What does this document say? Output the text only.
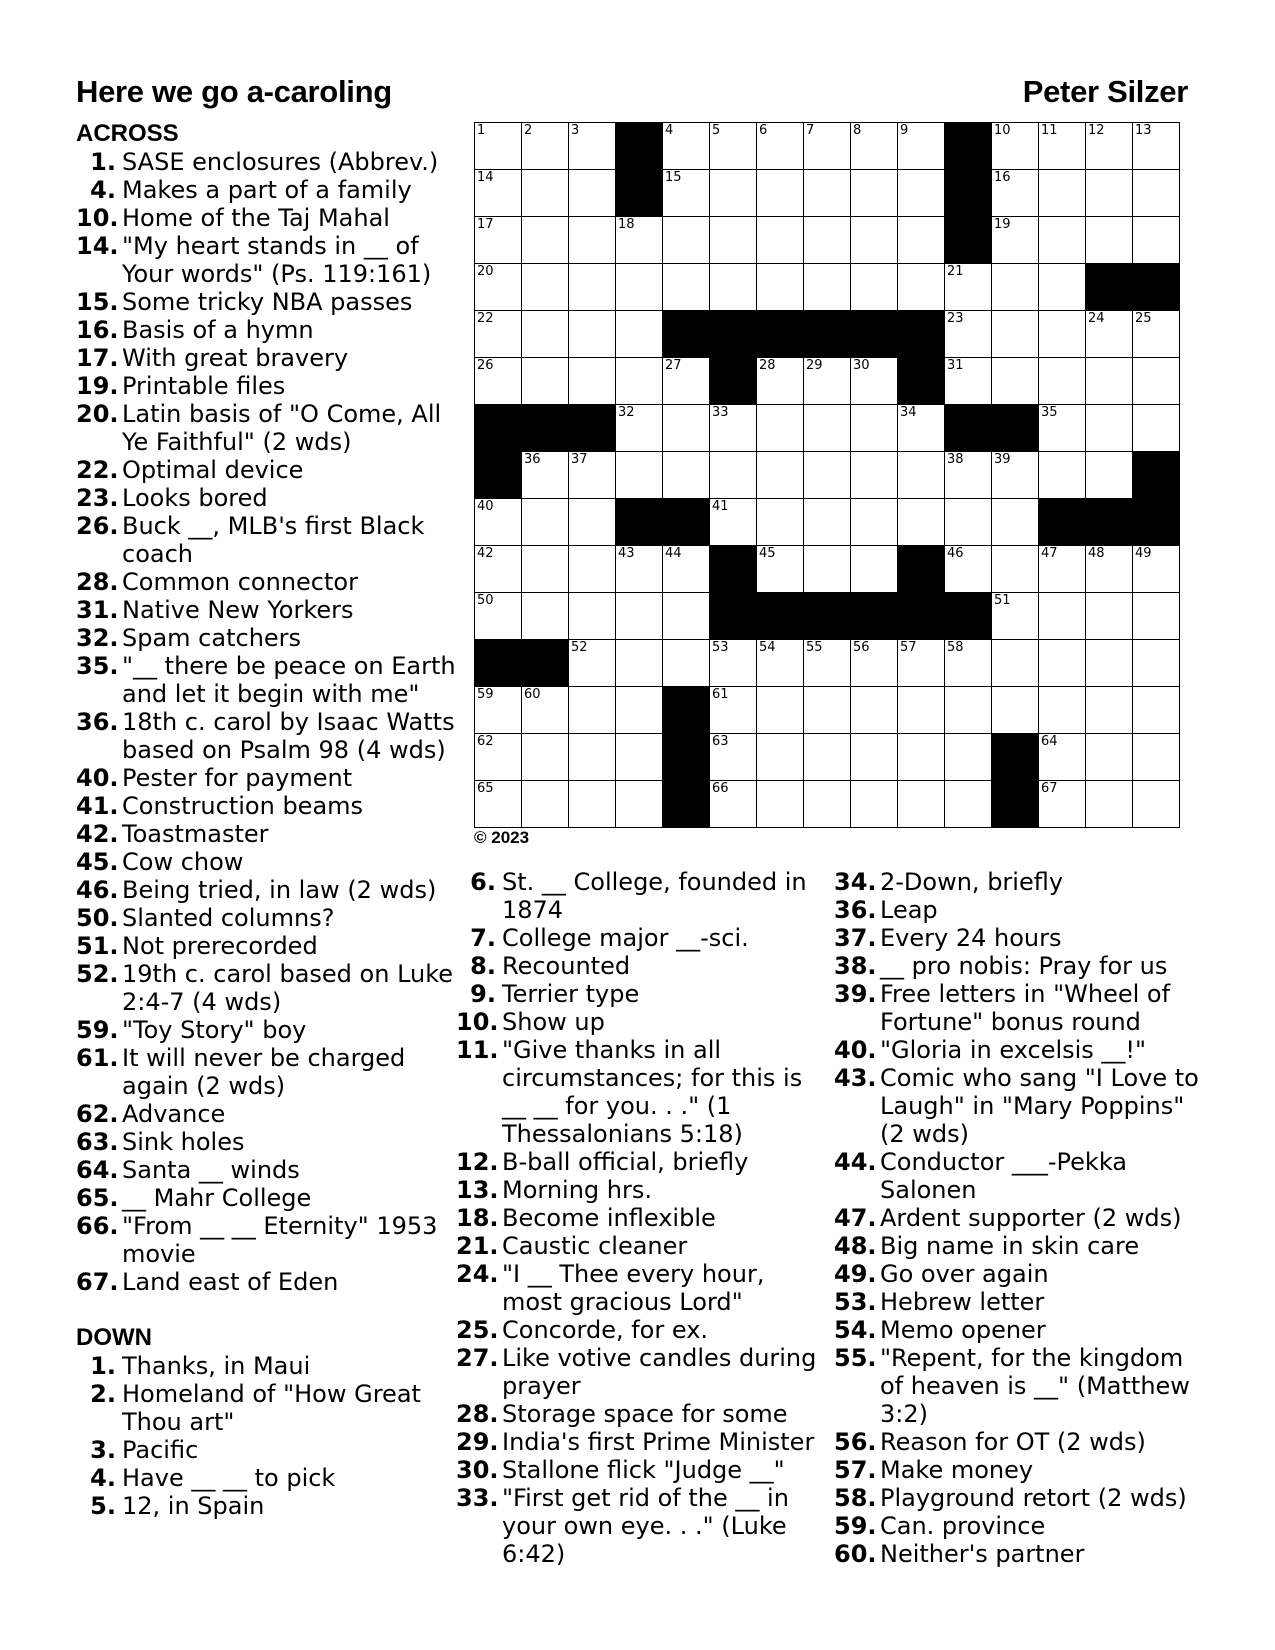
Here we go a-caroling	Peter Silzer
ACROSS
1. SASE enclosures (Abbrev.)
4. Makes a part of a family
10. Home of the Taj Mahal
14. "My heart stands in __ of Your words" (Ps. 119:161)
15. Some tricky NBA passes
16. Basis of a hymn
17. With great bravery
19. Printable files
20. Latin basis of "O Come, All Ye Faithful" (2 wds)
22. Optimal device
23. Looks bored
26. Buck __, MLB's first Black coach
28. Common connector
31. Native New Yorkers
32. Spam catchers
35. "__ there be peace on Earth and let it begin with me"
36. 18th c. carol by Isaac Watts based on Psalm 98 (4 wds)
40. Pester for payment
41. Construction beams
42. Toastmaster
45. Cow chow
46. Being tried, in law (2 wds)
50. Slanted columns?
51. Not prerecorded
52. 19th c. carol based on Luke 2:4-7 (4 wds)
59. "Toy Story" boy
61. It will never be charged again (2 wds)
62. Advance
63. Sink holes
64. Santa __ winds
65. __ Mahr College
66. "From __ __ Eternity" 1953 movie
67. Land east of Eden
DOWN
1. Thanks, in Maui
2. Homeland of "How Great Thou art"
3. Pacific
4. Have __ __ to pick
5. 12, in Spain
1	2	3	4	5	6	7	8	9	10 11 12 13
14	15	16
17	18	19
20	21
22	23	24 25
26	27	28 29 30	31
32	33	34	35
36 37	38 39
40	41
42	43 44	45	46	47 48 49
50	51
52	53 54 55 56 57 58
59 60	61
62	63	64
65	66	67
© 2023
6. St. __ College, founded in 1874
7. College major __-sci.
8. Recounted
9. Terrier type
10. Show up
11. "Give thanks in all circumstances; for this is __ __ for you. . ." (1 Thessalonians 5:18)
12. B-ball official, briefly
13. Morning hrs.
18. Become inflexible
21. Caustic cleaner
24. "I __ Thee every hour, most gracious Lord"
25. Concorde, for ex.
27. Like votive candles during prayer
28. Storage space for some
29. India's first Prime Minister
30. Stallone flick "Judge __"
33. "First get rid of the __ in your own eye. . ." (Luke 6:42)
34. 2-Down, briefly
36. Leap
37. Every 24 hours
38. __ pro nobis: Pray for us
39. Free letters in "Wheel of Fortune" bonus round
40. "Gloria in excelsis __!"
43. Comic who sang "I Love to Laugh" in "Mary Poppins" (2 wds)
44. Conductor ___-Pekka Salonen
47. Ardent supporter (2 wds)
48. Big name in skin care
49. Go over again
53. Hebrew letter
54. Memo opener
55. "Repent, for the kingdom of heaven is __" (Matthew 3:2)
56. Reason for OT (2 wds)
57. Make money
58. Playground retort (2 wds)
59. Can. province
60. Neither's partner
